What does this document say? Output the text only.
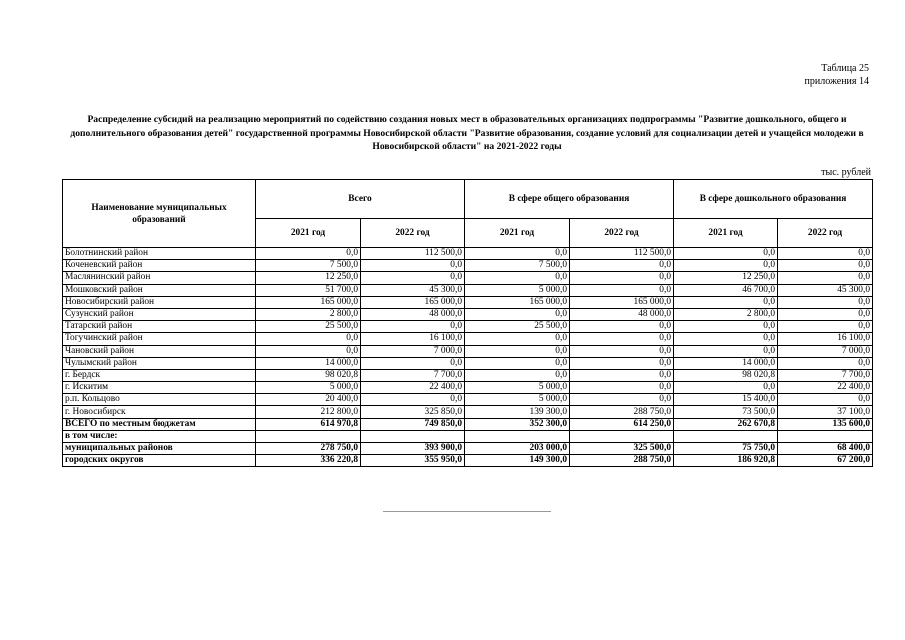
Таблица 25
приложения 14
Распределение субсидий на реализацию мероприятий по содействию создания новых мест в образовательных организациях подпрограммы "Развитие дошкольного, общего и дополнительного образования детей" государственной программы Новосибирской области "Развитие образования, создание условий для социализации детей и учащейся молодежи в Новосибирской области" на 2021-2022 годы
тыс. рублей
Наименование муниципальных образований	Всего		В сфере общего образования		В сфере дошкольного образования	
	2021 год	2022 год	2021 год	2022 год	2021 год	2022 год
Болотнинский район	0,0	112 500,0	0,0	112 500,0	0,0	0,0
Коченевский район	7 500,0	0,0	7 500,0	0,0	0,0	0,0
Маслянинский район	12 250,0	0,0	0,0	0,0	12 250,0	0,0
Мошковский район	51 700,0	45 300,0	5 000,0	0,0	46 700,0	45 300,0
Новосибирский район	165 000,0	165 000,0	165 000,0	165 000,0	0,0	0,0
Сузунский район	2 800,0	48 000,0	0,0	48 000,0	2 800,0	0,0
Татарский район	25 500,0	0,0	25 500,0	0,0	0,0	0,0
Тогучинский район	0,0	16 100,0	0,0	0,0	0,0	16 100,0
Чановский район	0,0	7 000,0	0,0	0,0	0,0	7 000,0
Чулымский район	14 000,0	0,0	0,0	0,0	14 000,0	0,0
г. Бердск	98 020,8	7 700,0	0,0	0,0	98 020,8	7 700,0
г. Искитим	5 000,0	22 400,0	5 000,0	0,0	0,0	22 400,0
р.п. Кольцово	20 400,0	0,0	5 000,0	0,0	15 400,0	0,0
г. Новосибирск	212 800,0	325 850,0	139 300,0	288 750,0	73 500,0	37 100,0
ВСЕГО по местным бюджетам	614 970,8	749 850,0	352 300,0	614 250,0	262 670,8	135 600,0
в том числе:						
муниципальных районов	278 750,0	393 900,0	203 000,0	325 500,0	75 750,0	68 400,0
городских округов	336 220,8	355 950,0	149 300,0	288 750,0	186 920,8	67 200,0
